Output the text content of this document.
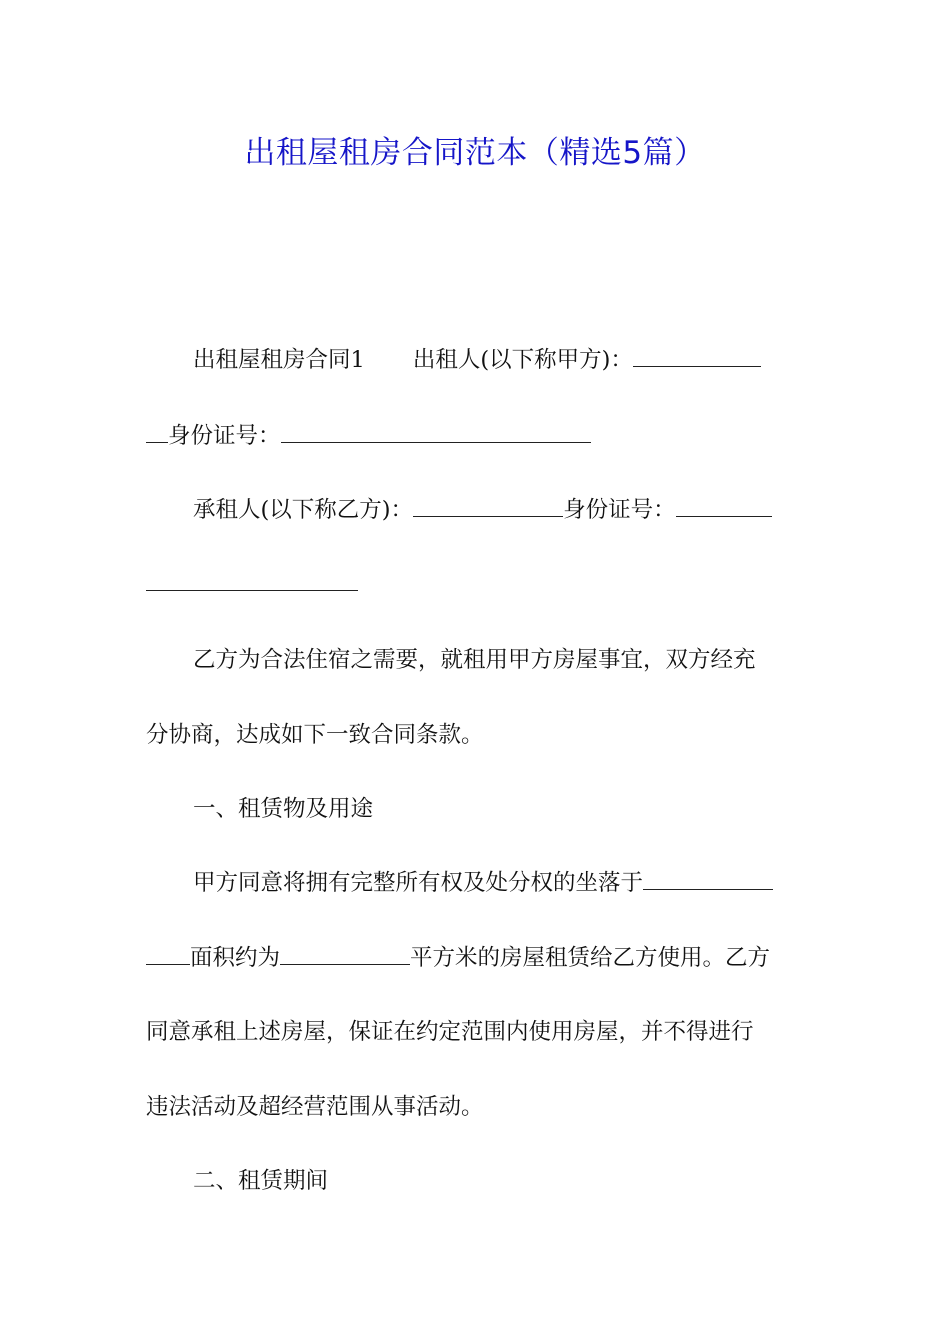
出租屋租房合同范本（精选5篇）
出租屋租房合同1 出租人(以下称甲方)：
身份证号：
承租人(以下称乙方)：	身份证号：
乙方为合法住宿之需要，就租用甲方房屋事宜，双方经充
分协商，达成如下一致合同条款。
一、租赁物及用途
甲方同意将拥有完整所有权及处分权的坐落于
面积约为	平方米的房屋租赁给乙方使用。乙方
同意承租上述房屋，保证在约定范围内使用房屋，并不得进行
违法活动及超经营范围从事活动。
二、租赁期间
